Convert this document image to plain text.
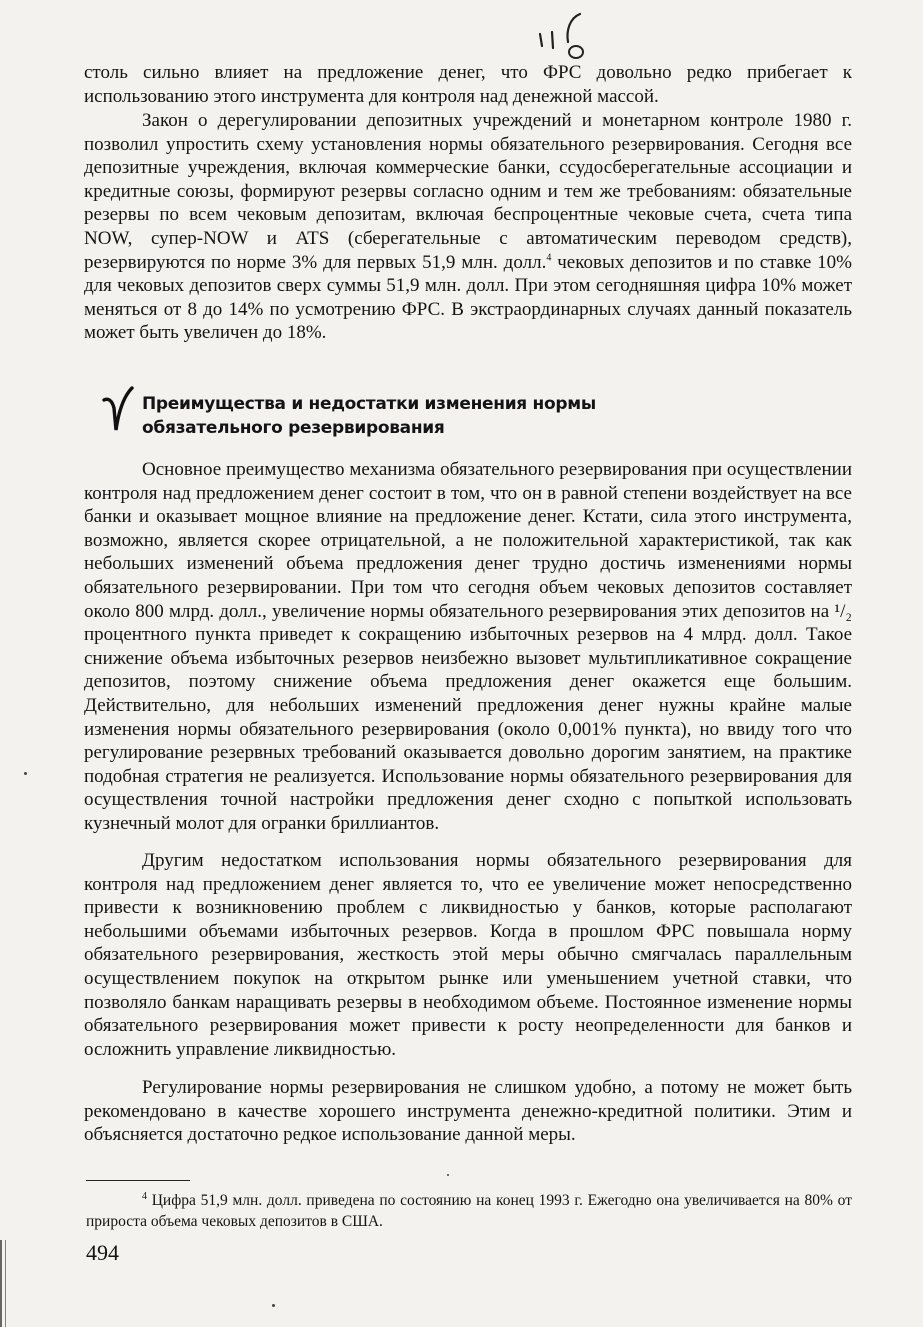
1:6

столь сильно влияет на предложение денег, что ФРС довольно редко прибегает к использованию этого инструмента для контроля над денежной массой.

Закон о дерегулировании депозитных учреждений и монетарном контроле 1980 г. позволил упростить схему установления нормы обязательного резервирования. Сегодня все депозитные учреждения, включая коммерческие банки, ссудосберегательные ассоциации и кредитные союзы, формируют резервы согласно одним и тем же требованиям: обязательные резервы по всем чековым депозитам, включая беспроцентные чековые счета, счета типа NOW, супер-NOW и ATS (сберегательные с автоматическим переводом средств), резервируются по норме 3% для первых 51,9 млн. долл.$^4$ чековых депозитов и по ставке 10% для чековых депозитов сверх суммы 51,9 млн. долл. При этом сегодняшняя цифра 10% может меняться от 8 до 14% по усмотрению ФРС. В экстраординарных случаях данный показатель может быть увеличен до 18%.

Преимущества и недостатки изменения нормы
обязательного резервирования

Основное преимущество механизма обязательного резервирования при осуществлении контроля над предложением денег состоит в том, что он в равной степени воздействует на все банки и оказывает мощное влияние на предложение денег. Кстати, сила этого инструмента, возможно, является скорее отрицательной, а не положительной характеристикой, так как небольших изменений объема предложения денег трудно достичь изменениями нормы обязательного резервировании. При том что сегодня объем чековых депозитов составляет около 800 млрд. долл., увеличение нормы обязательного резервирования этих депозитов на ¹/₂ процентного пункта приведет к сокращению избыточных резервов на 4 млрд. долл. Такое снижение объема избыточных резервов неизбежно вызовет мультипликативное сокращение депозитов, поэтому снижение объема предложения денег окажется еще большим. Действительно, для небольших изменений предложения денег нужны крайне малые изменения нормы обязательного резервирования (около 0,001% пункта), но ввиду того что регулирование резервных требований оказывается довольно дорогим занятием, на практике подобная стратегия не реализуется. Использование нормы обязательного резервирования для осуществления точной настройки предложения денег сходно с попыткой использовать кузнечный молот для огранки бриллиантов.

Другим недостатком использования нормы обязательного резервирования для контроля над предложением денег является то, что ее увеличение может непосредственно привести к возникновению проблем с ликвидностью у банков, которые располагают небольшими объемами избыточных резервов. Когда в прошлом ФРС повышала норму обязательного резервирования, жесткость этой меры обычно смягчалась параллельным осуществлением покупок на открытом рынке или уменьшением учетной ставки, что позволяло банкам наращивать резервы в необходимом объеме. Постоянное изменение нормы обязательного резервирования может привести к росту неопределенности для банков и осложнить управление ликвидностью.

Регулирование нормы резервирования не слишком удобно, а потому не может быть рекомендовано в качестве хорошего инструмента денежно-кредитной политики. Этим и объясняется достаточно редкое использование данной меры.

$^4$ Цифра 51,9 млн. долл. приведена по состоянию на конец 1993 г. Ежегодно она увеличивается на 80% от прироста объема чековых депозитов в США.
494
